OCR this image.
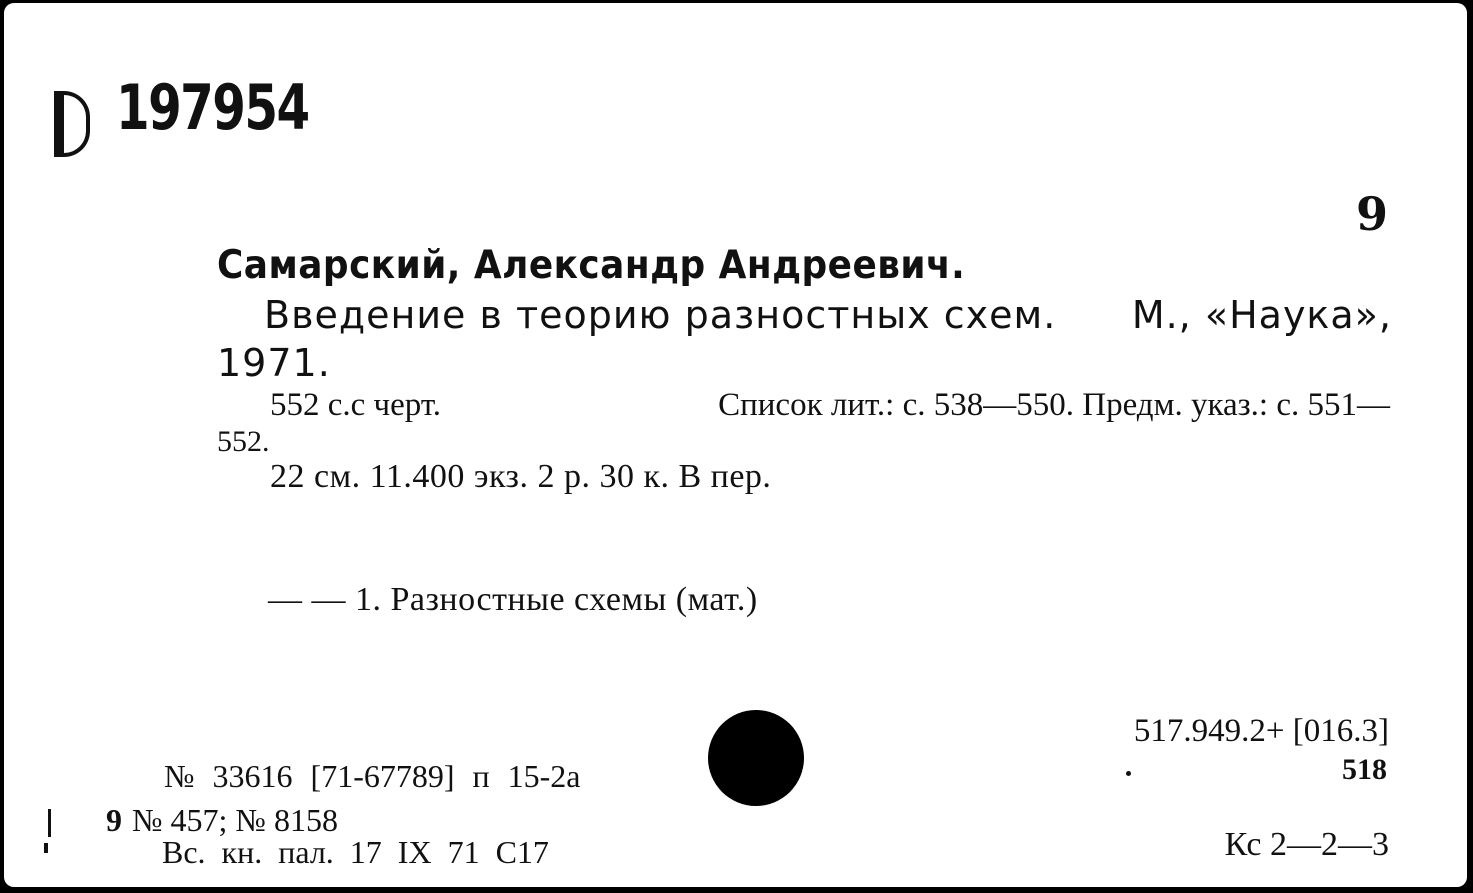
197954
9
Самарский, Александр Андреевич.
Введение в теорию разностных схем. М., «Наука»,
1971.
552 с.с черт.	Список лит.: с. 538—550. Предм. указ.: с. 551—
552.
22 см. 11.400 экз. 2 р. 30 к. В пер.
— — 1. Разностные схемы (мат.)
№ 33616 [71-67789] п 15-2а
9 № 457; № 8158
Вс. кн. пал. 17 IX 71 С17
517.949.2+ [016.3]
518
Кс 2—2—3
